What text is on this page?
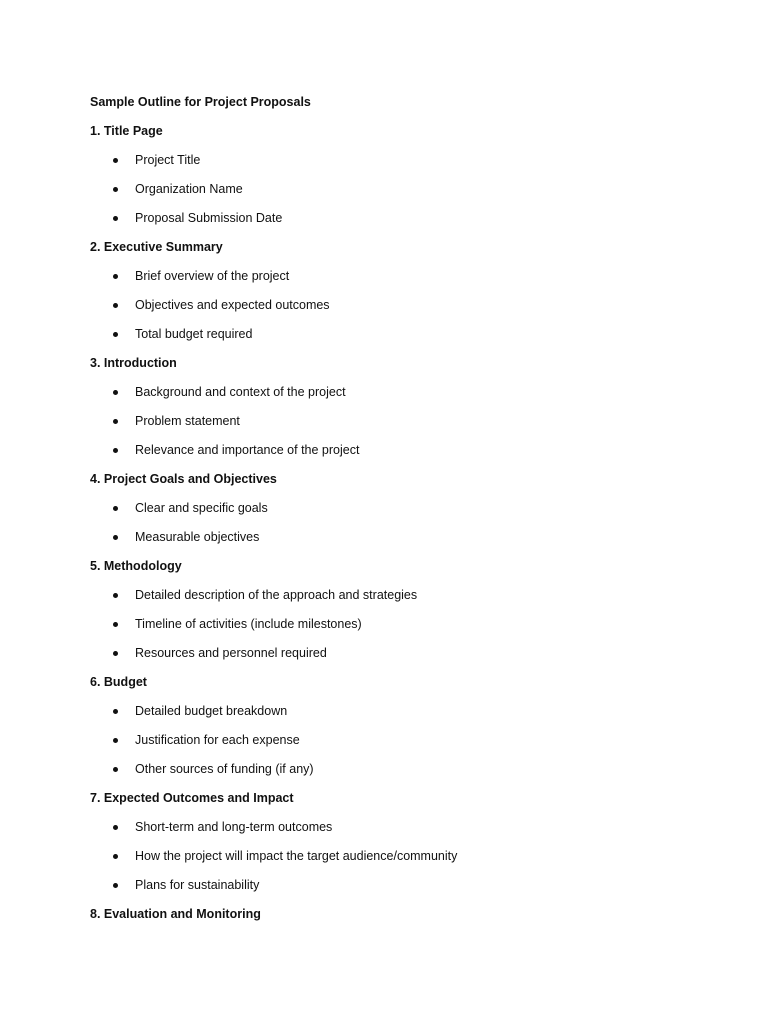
Sample Outline for Project Proposals
1. Title Page
Project Title
Organization Name
Proposal Submission Date
2. Executive Summary
Brief overview of the project
Objectives and expected outcomes
Total budget required
3. Introduction
Background and context of the project
Problem statement
Relevance and importance of the project
4. Project Goals and Objectives
Clear and specific goals
Measurable objectives
5. Methodology
Detailed description of the approach and strategies
Timeline of activities (include milestones)
Resources and personnel required
6. Budget
Detailed budget breakdown
Justification for each expense
Other sources of funding (if any)
7. Expected Outcomes and Impact
Short-term and long-term outcomes
How the project will impact the target audience/community
Plans for sustainability
8. Evaluation and Monitoring
